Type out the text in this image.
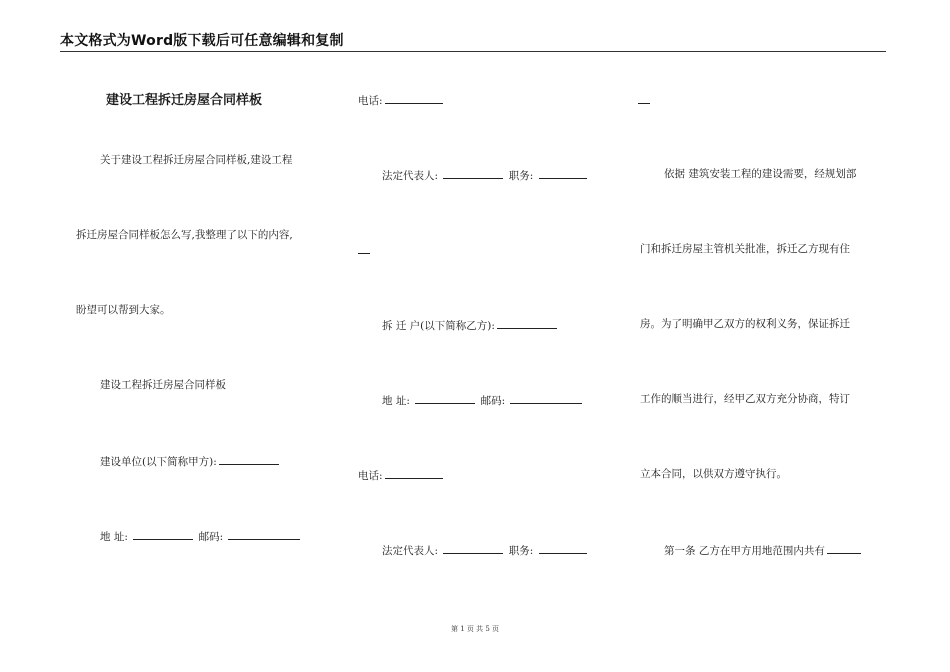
本文格式为Word版下载后可任意编辑和复制
建设工程拆迁房屋合同样板
关于建设工程拆迁房屋合同样板,建设工程
拆迁房屋合同样板怎么写,我整理了以下的内容,
盼望可以帮到大家。
建设工程拆迁房屋合同样板
建设单位(以下简称甲方):
地 址:	邮码:
电话:
法定代表人:	职务:
拆 迁 户(以下简称乙方):
地 址:	邮码:
电话:
法定代表人:	职务:
依据 建筑安装工程的建设需要，经规划部
门和拆迁房屋主管机关批准，拆迁乙方现有住
房。为了明确甲乙双方的权利义务，保证拆迁
工作的顺当进行，经甲乙双方充分协商，特订
立本合同，以供双方遵守执行。
第一条 乙方在甲方用地范围内共有
第 1 页 共 5 页
